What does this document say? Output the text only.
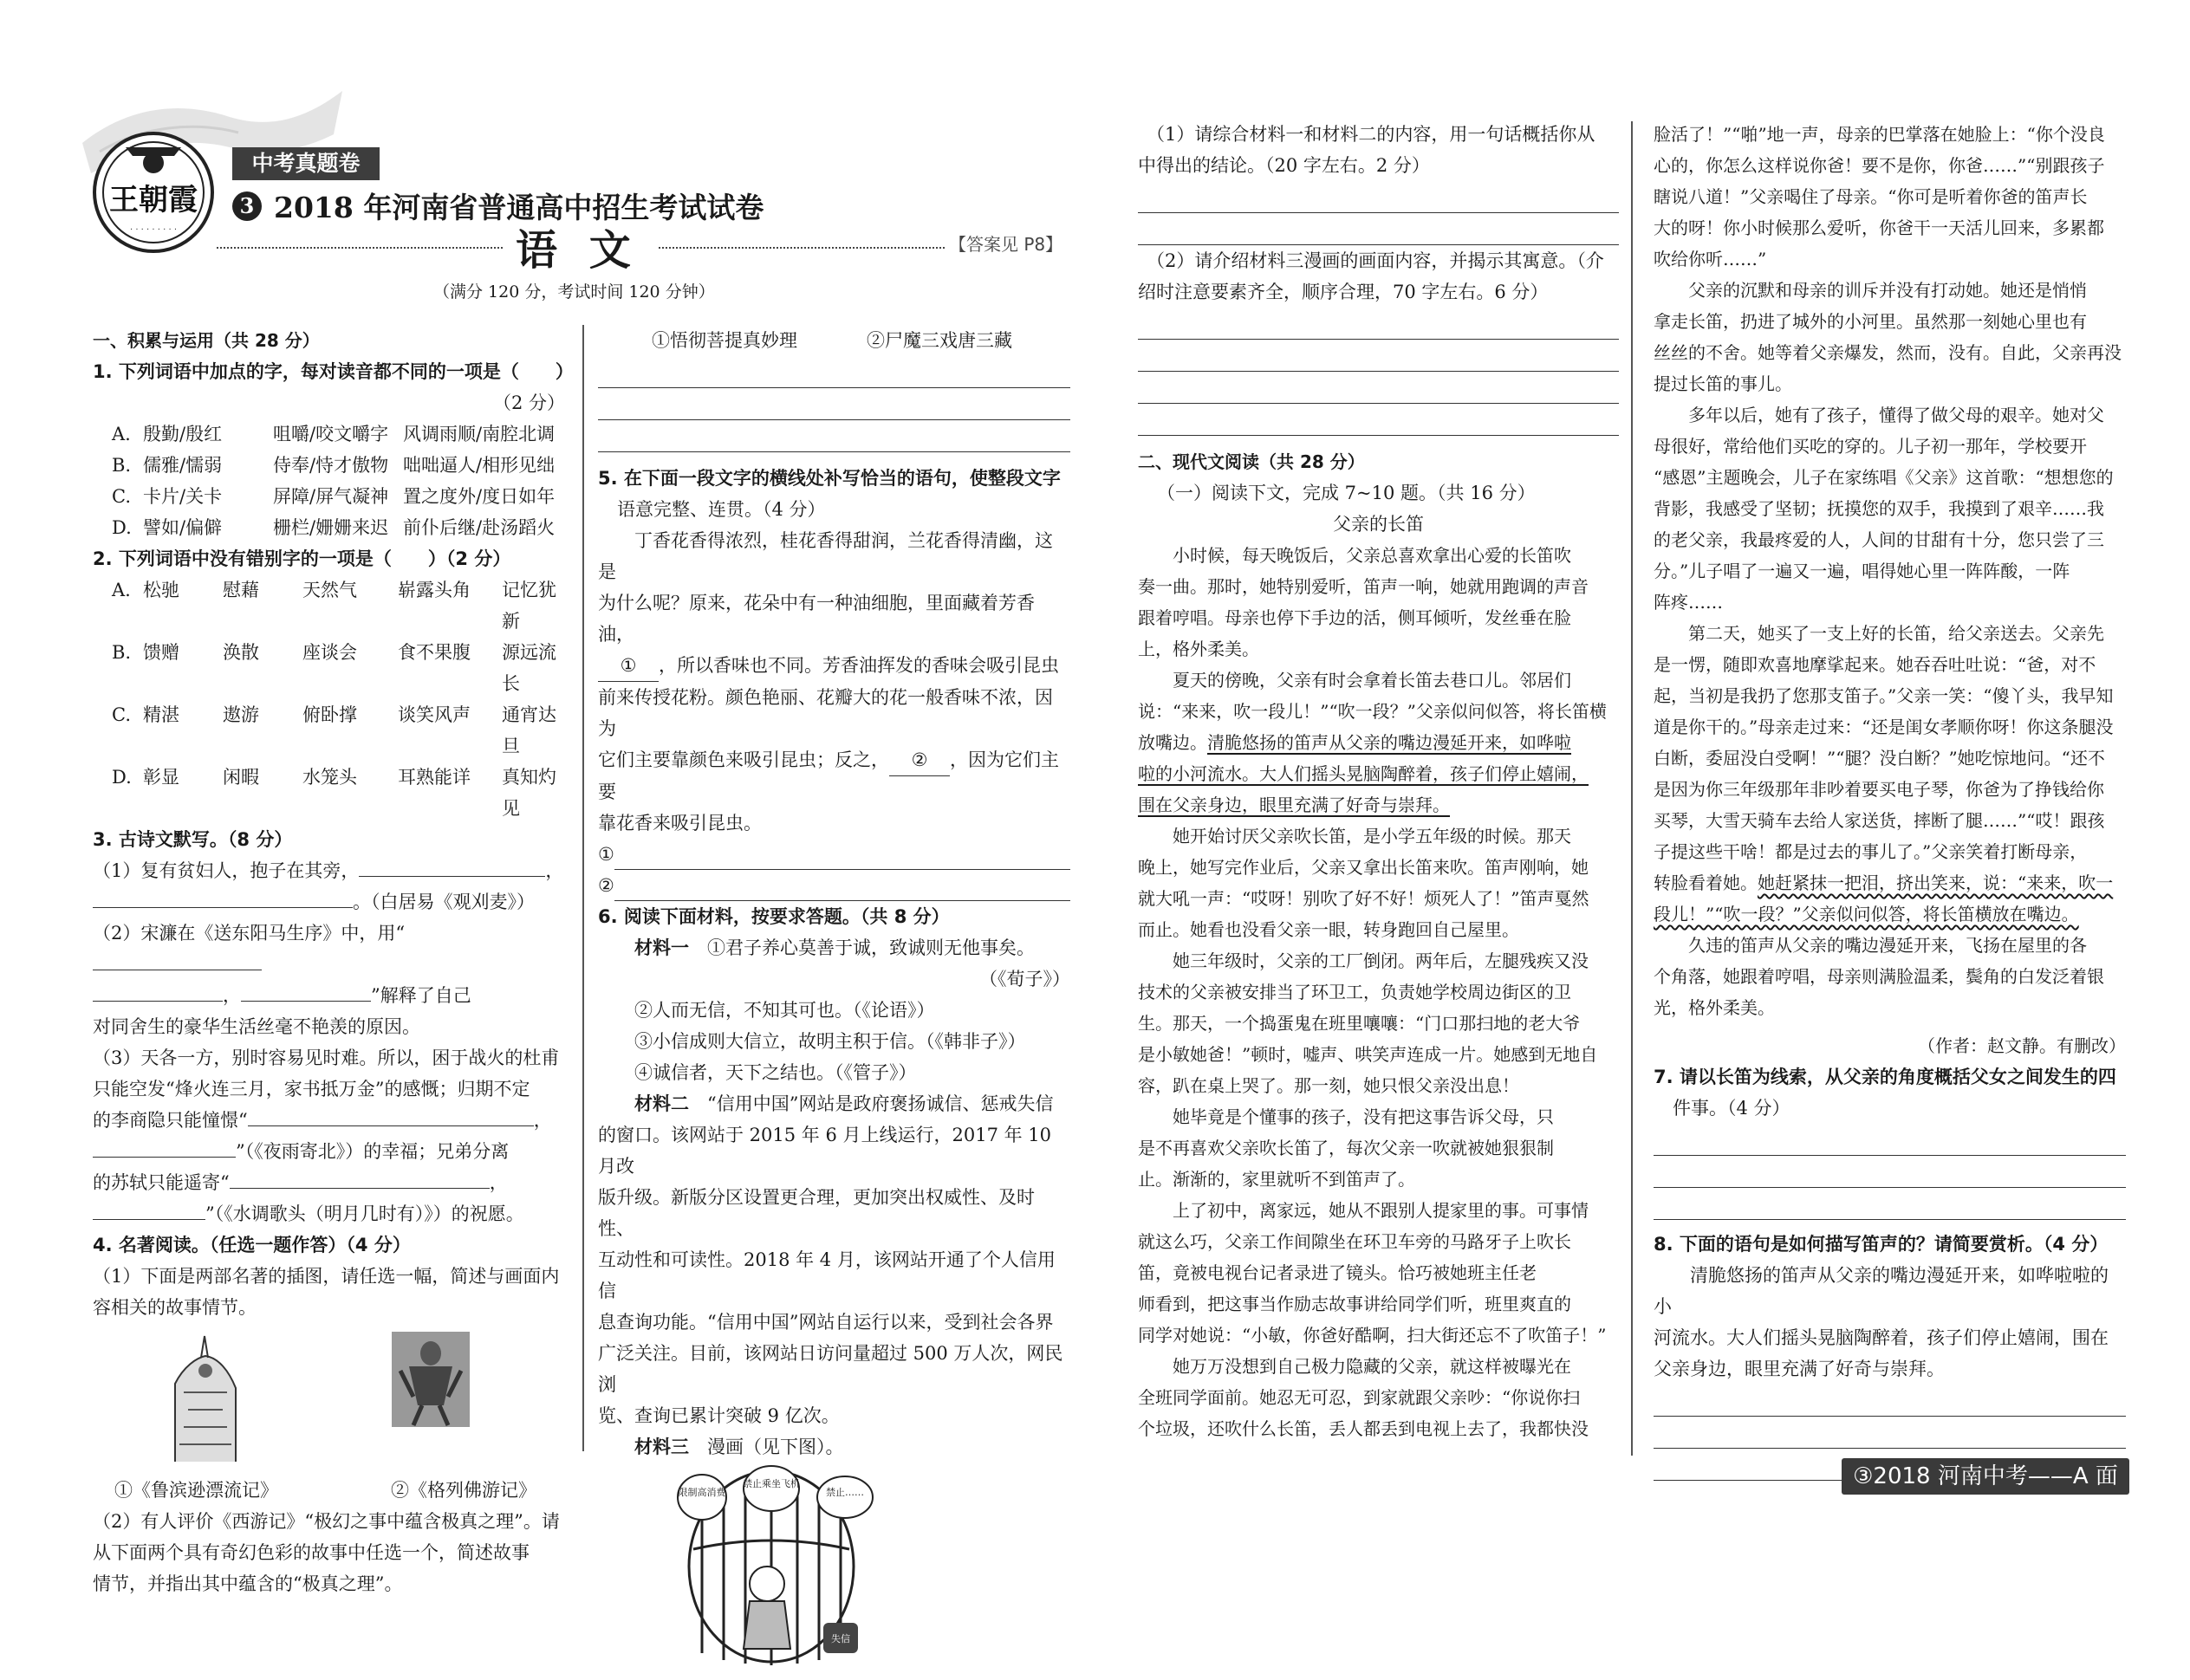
王朝霞
· · · · · · · · ·
中考真题卷
3 2018 年河南省普通高中招生考试试卷
语 文	【答案见 P8】
（满分 120 分，考试时间 120 分钟）

一、积累与运用（共 28 分）

1. 下列词语中加点的字，每对读音都不同的一项是（　　）

（2 分）

A. 殷勤/殷红	咀嚼/咬文嚼字 风调雨顺/南腔北调
B. 儒雅/懦弱	侍奉/恃才傲物 咄咄逼人/相形见绌
C. 卡片/关卡	屏障/屏气凝神 置之度外/度日如年
D. 譬如/偏僻	栅栏/姗姗来迟 前仆后继/赴汤蹈火

2. 下列词语中没有错别字的一项是（　　）（2 分）

A. 松驰	慰藉	天然气	崭露头角	记忆犹新
B. 馈赠	涣散	座谈会	食不果腹	源远流长
C. 精湛	遨游	俯卧撑	谈笑风声	通宵达旦
D. 彰显	闲暇	水笼头	耳熟能详	真知灼见

3. 古诗文默写。（8 分）

（1）复有贫妇人，抱子在其旁，	，

。（白居易《观刈麦》）

（2）宋濂在《送东阳马生序》中，用“

，	”解释了自己

对同舍生的豪华生活丝毫不艳羡的原因。

（3）天各一方，别时容易见时难。所以，困于战火的杜甫

只能空发“烽火连三月，家书抵万金”的感慨；归期不定

的李商隐只能憧憬“	，

”（《夜雨寄北》）的幸福；兄弟分离

的苏轼只能遥寄“	，

”（《水调歌头（明月几时有）》）的祝愿。

4. 名著阅读。（任选一题作答）（4 分）

（1）下面是两部名著的插图，请任选一幅，简述与画面内

容相关的故事情节。

①《鲁滨逊漂流记》	②《格列佛游记》

（2）有人评价《西游记》“极幻之事中蕴含极真之理”。请

从下面两个具有奇幻色彩的故事中任选一个，简述故事

情节，并指出其中蕴含的“极真之理”。

①悟彻菩提真妙理	②尸魔三戏唐三藏

5. 在下面一段文字的横线处补写恰当的语句，使整段文字

语意完整、连贯。（4 分）

丁香花香得浓烈，桂花香得甜润，兰花香得清幽，这是

为什么呢？原来，花朵中有一种油细胞，里面藏着芳香油，

① ，所以香味也不同。芳香油挥发的香味会吸引昆虫

前来传授花粉。颜色艳丽、花瓣大的花一般香味不浓，因为

它们主要靠颜色来吸引昆虫；反之， ② ，因为它们主要

靠花香来吸引昆虫。

①

②

6. 阅读下面材料，按要求答题。（共 8 分）

材料一　 ①君子养心莫善于诚，致诚则无他事矣。

（《荀子》）

②人而无信，不知其可也。（《论语》）

③小信成则大信立，故明主积于信。（《韩非子》）

④诚信者，天下之结也。（《管子》）

材料二　 “信用中国”网站是政府褒扬诚信、惩戒失信

的窗口。该网站于 2015 年 6 月上线运行，2017 年 10 月改

版升级。新版分区设置更合理，更加突出权威性、及时性、

互动性和可读性。2018 年 4 月，该网站开通了个人信用信

息查询功能。“信用中国”网站自运行以来，受到社会各界

广泛关注。目前，该网站日访问量超过 500 万人次，网民浏

览、查询已累计突破 9 亿次。

材料三　 漫画（见下图）。

限制高消费
禁止乘坐飞机
禁止……
失信

（1）请综合材料一和材料二的内容，用一句话概括你从

中得出的结论。（20 字左右。2 分）

（2）请介绍材料三漫画的画面内容，并揭示其寓意。（介

绍时注意要素齐全，顺序合理，70 字左右。6 分）

二、现代文阅读（共 28 分）

（一）阅读下文，完成 7~10 题。（共 16 分）

父亲的长笛

小时候，每天晚饭后，父亲总喜欢拿出心爱的长笛吹

奏一曲。那时，她特别爱听，笛声一响，她就用跑调的声音

跟着哼唱。母亲也停下手边的活，侧耳倾听，发丝垂在脸

上，格外柔美。

夏天的傍晚，父亲有时会拿着长笛去巷口儿。邻居们

说：“来来，吹一段儿！”“吹一段？”父亲似问似答，将长笛横

放嘴边。清脆悠扬的笛声从父亲的嘴边漫延开来，如哗啦

啦的小河流水。大人们摇头晃脑陶醉着，孩子们停止嬉闹，

围在父亲身边，眼里充满了好奇与崇拜。

她开始讨厌父亲吹长笛，是小学五年级的时候。那天

晚上，她写完作业后，父亲又拿出长笛来吹。笛声刚响，她

就大吼一声：“哎呀！别吹了好不好！烦死人了！”笛声戛然

而止。她看也没看父亲一眼，转身跑回自己屋里。

她三年级时，父亲的工厂倒闭。两年后，左腿残疾又没

技术的父亲被安排当了环卫工，负责她学校周边街区的卫

生。那天，一个捣蛋鬼在班里嚷嚷：“门口那扫地的老大爷

是小敏她爸！”顿时，嘘声、哄笑声连成一片。她感到无地自

容，趴在桌上哭了。那一刻，她只恨父亲没出息！

她毕竟是个懂事的孩子，没有把这事告诉父母，只

是不再喜欢父亲吹长笛了，每次父亲一吹就被她狠狠制

止。渐渐的，家里就听不到笛声了。

上了初中，离家远，她从不跟别人提家里的事。可事情

就这么巧，父亲工作间隙坐在环卫车旁的马路牙子上吹长

笛，竟被电视台记者录进了镜头。恰巧被她班主任老

师看到，把这事当作励志故事讲给同学们听，班里爽直的

同学对她说：“小敏，你爸好酷啊，扫大街还忘不了吹笛子！”

她万万没想到自己极力隐藏的父亲，就这样被曝光在

全班同学面前。她忍无可忍，到家就跟父亲吵：“你说你扫

个垃圾，还吹什么长笛，丢人都丢到电视上去了，我都快没

脸活了！”“啪”地一声，母亲的巴掌落在她脸上：“你个没良

心的，你怎么这样说你爸！要不是你，你爸……”“别跟孩子

瞎说八道！”父亲喝住了母亲。“你可是听着你爸的笛声长

大的呀！你小时候那么爱听，你爸干一天活儿回来，多累都

吹给你听……”

父亲的沉默和母亲的训斥并没有打动她。她还是悄悄

拿走长笛，扔进了城外的小河里。虽然那一刻她心里也有

丝丝的不舍。她等着父亲爆发，然而，没有。自此，父亲再没

提过长笛的事儿。

多年以后，她有了孩子，懂得了做父母的艰辛。她对父

母很好，常给他们买吃的穿的。儿子初一那年，学校要开

“感恩”主题晚会，儿子在家练唱《父亲》这首歌：“想想您的

背影，我感受了坚韧；抚摸您的双手，我摸到了艰辛……我

的老父亲，我最疼爱的人，人间的甘甜有十分，您只尝了三

分。”儿子唱了一遍又一遍，唱得她心里一阵阵酸，一阵

阵疼……

第二天，她买了一支上好的长笛，给父亲送去。父亲先

是一愣，随即欢喜地摩挲起来。她吞吞吐吐说：“爸，对不

起，当初是我扔了您那支笛子。”父亲一笑：“傻丫头，我早知

道是你干的。”母亲走过来：“还是闺女孝顺你呀！你这条腿没

白断，委屈没白受啊！”“腿？没白断？”她吃惊地问。“还不

是因为你三年级那年非吵着要买电子琴，你爸为了挣钱给你

买琴，大雪天骑车去给人家送货，摔断了腿……”“哎！跟孩

子提这些干啥！都是过去的事儿了。”父亲笑着打断母亲，

转脸看着她。她赶紧抹一把泪，挤出笑来，说：“来来，吹一

段儿！”“吹一段？”父亲似问似答，将长笛横放在嘴边。

久违的笛声从父亲的嘴边漫延开来，飞扬在屋里的各

个角落，她跟着哼唱，母亲则满脸温柔，鬓角的白发泛着银

光，格外柔美。

（作者：赵文静。有删改）

7. 请以长笛为线索，从父亲的角度概括父女之间发生的四

件事。（4 分）

8. 下面的语句是如何描写笛声的？请简要赏析。（4 分）

清脆悠扬的笛声从父亲的嘴边漫延开来，如哗啦啦的小

河流水。大人们摇头晃脑陶醉着，孩子们停止嬉闹，围在

父亲身边，眼里充满了好奇与崇拜。

③2018 河南中考——A 面
